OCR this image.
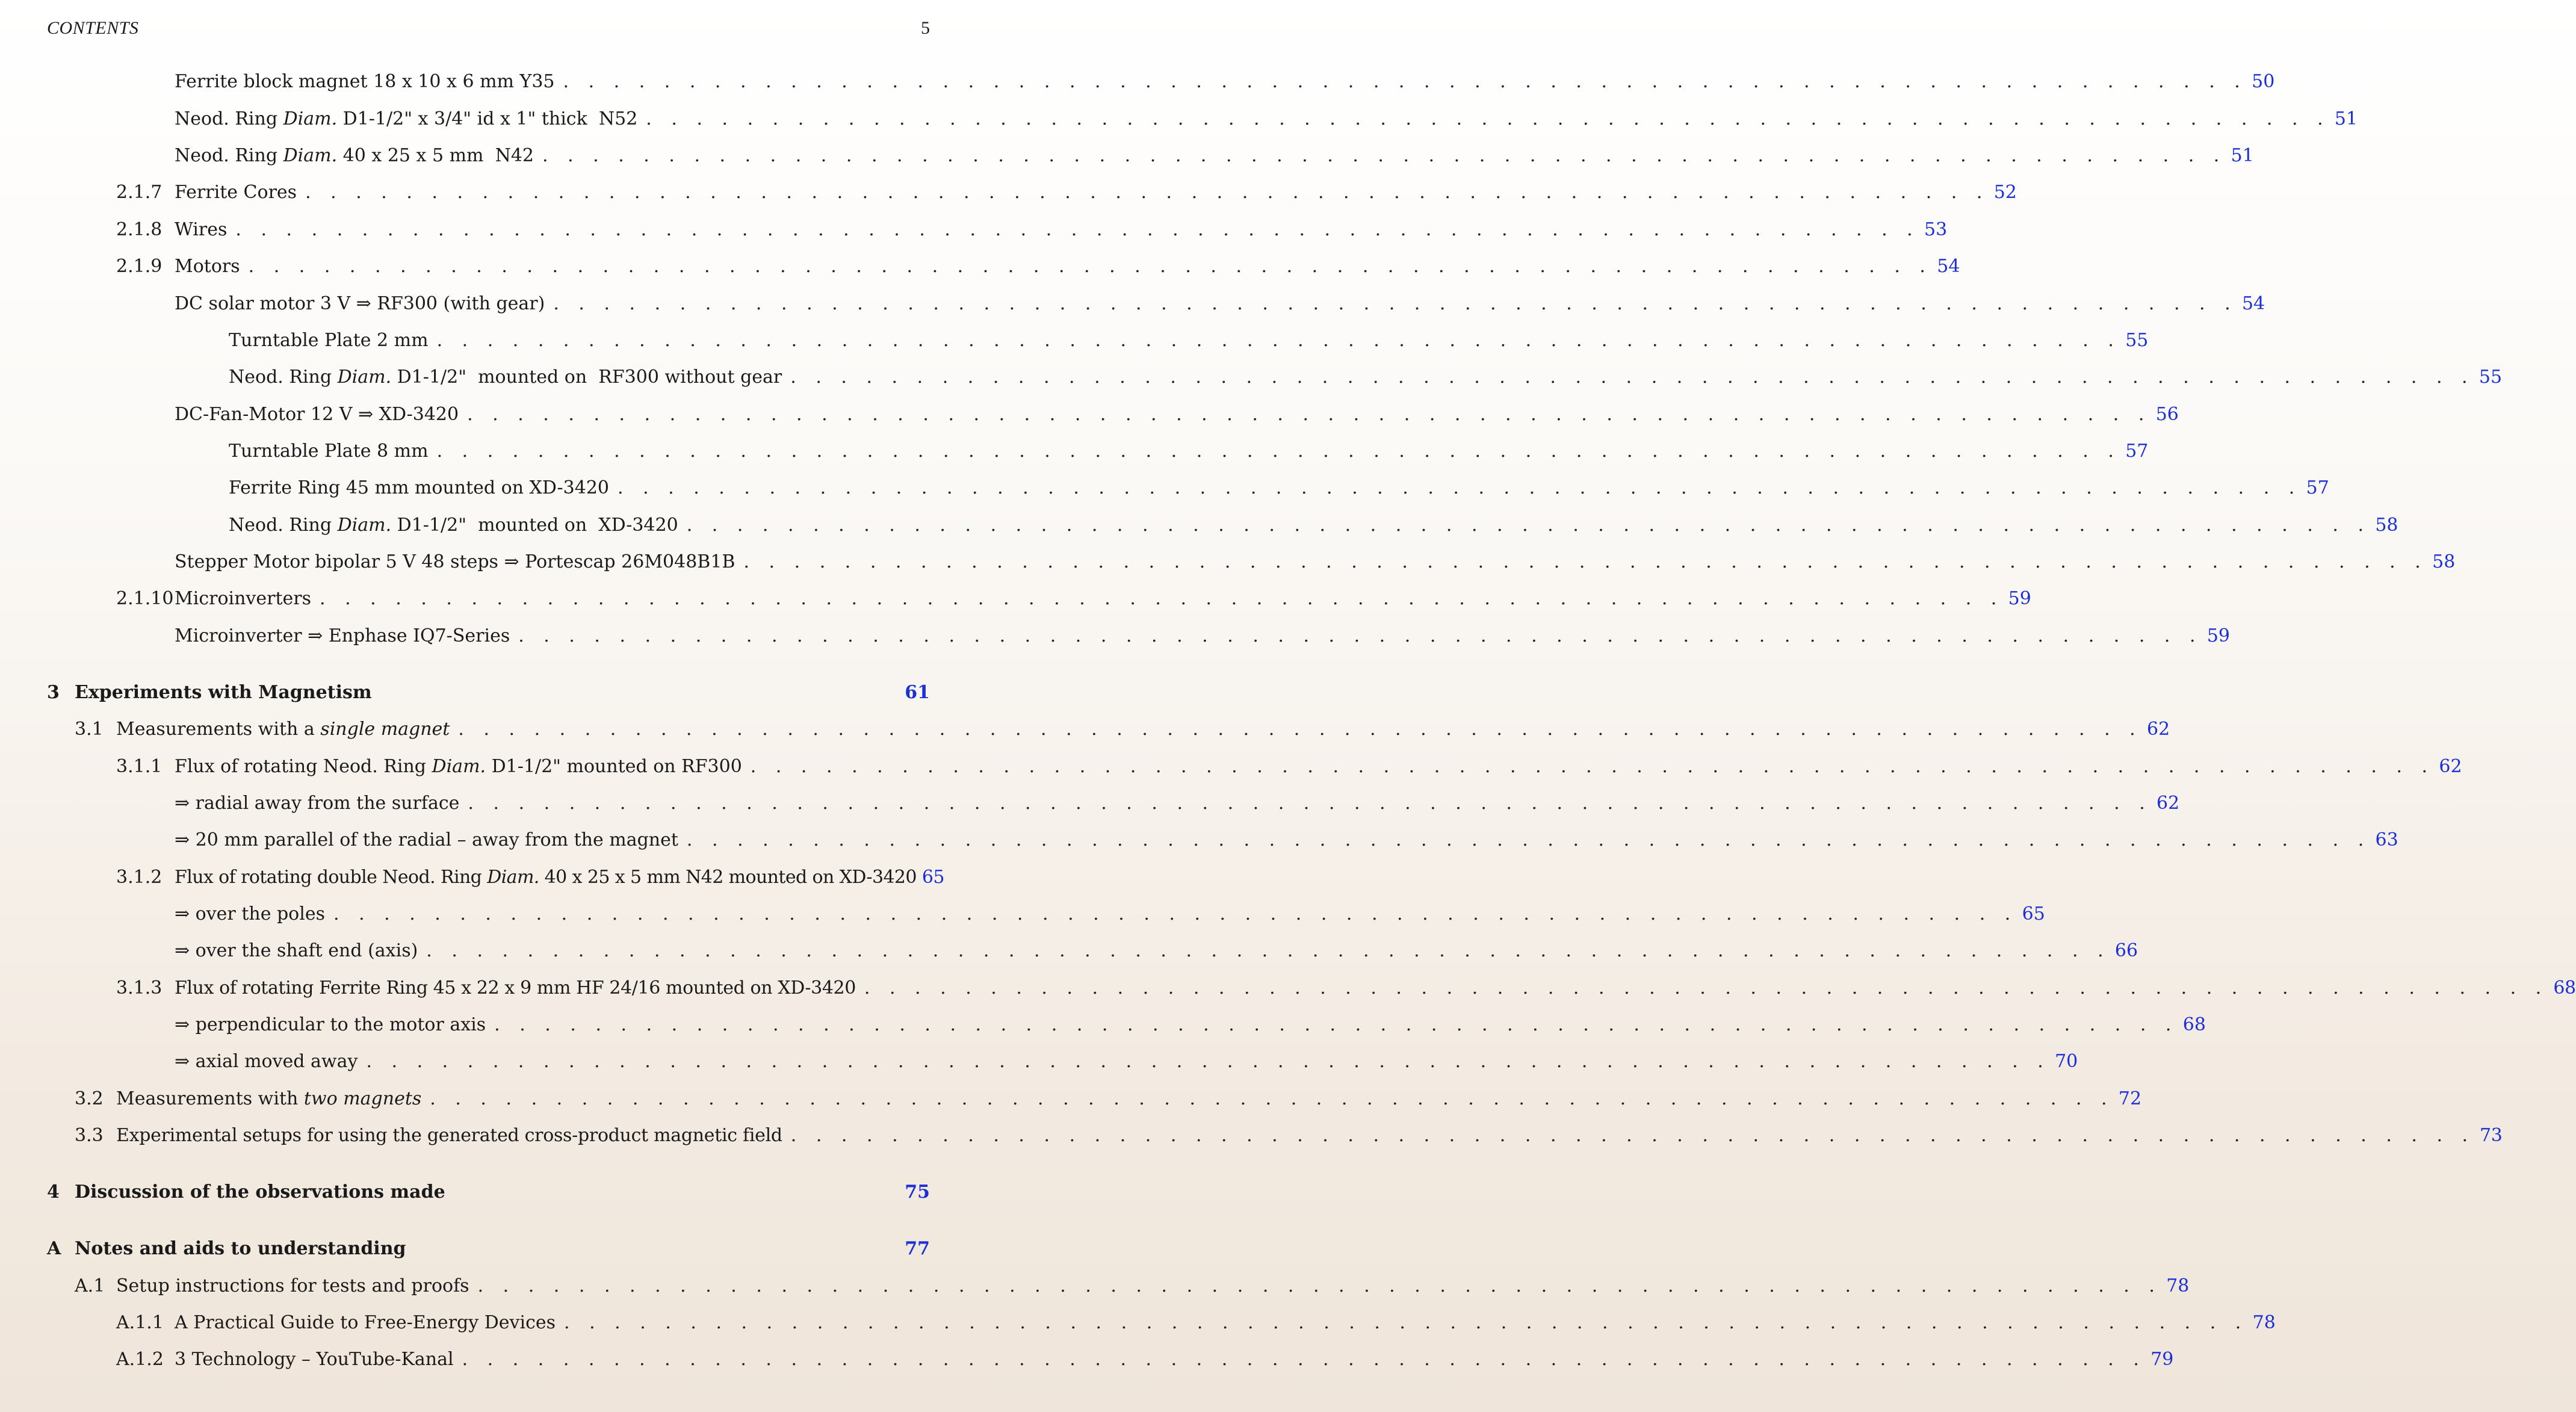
CONTENTS	5
Ferrite block magnet 18 x 10 x 6 mm Y35 . . . . . . . . . . . . . . . . . . . . . . . . . . . . . . . . . . . . . . . . . . . . . . . . . . . . . . . . . . . . . . . . . . . 50
Neod. Ring Diam. D1-1/2" x 3/4" id x 1" thick  N52 . . . . . . . . . . . . . . . . . . . . . . . . . . . . . . . . . . . . . . . . . . . . . . . . . . . . . . . . . . . . . . . . . . . 51
Neod. Ring Diam. 40 x 25 x 5 mm  N42 . . . . . . . . . . . . . . . . . . . . . . . . . . . . . . . . . . . . . . . . . . . . . . . . . . . . . . . . . . . . . . . . . . . 51
2.1.7 Ferrite Cores . . . . . . . . . . . . . . . . . . . . . . . . . . . . . . . . . . . . . . . . . . . . . . . . . . . . . . . . . . . . . . . . . . . 52
2.1.8 Wires . . . . . . . . . . . . . . . . . . . . . . . . . . . . . . . . . . . . . . . . . . . . . . . . . . . . . . . . . . . . . . . . . . . 53
2.1.9 Motors . . . . . . . . . . . . . . . . . . . . . . . . . . . . . . . . . . . . . . . . . . . . . . . . . . . . . . . . . . . . . . . . . . . 54
DC solar motor 3 V ⇒ RF300 (with gear) . . . . . . . . . . . . . . . . . . . . . . . . . . . . . . . . . . . . . . . . . . . . . . . . . . . . . . . . . . . . . . . . . . . 54
Turntable Plate 2 mm . . . . . . . . . . . . . . . . . . . . . . . . . . . . . . . . . . . . . . . . . . . . . . . . . . . . . . . . . . . . . . . . . . . 55
Neod. Ring Diam. D1-1/2"  mounted on  RF300 without gear . . . . . . . . . . . . . . . . . . . . . . . . . . . . . . . . . . . . . . . . . . . . . . . . . . . . . . . . . . . . . . . . . . . 55
DC-Fan-Motor 12 V ⇒ XD-3420 . . . . . . . . . . . . . . . . . . . . . . . . . . . . . . . . . . . . . . . . . . . . . . . . . . . . . . . . . . . . . . . . . . . 56
Turntable Plate 8 mm . . . . . . . . . . . . . . . . . . . . . . . . . . . . . . . . . . . . . . . . . . . . . . . . . . . . . . . . . . . . . . . . . . . 57
Ferrite Ring 45 mm mounted on XD-3420 . . . . . . . . . . . . . . . . . . . . . . . . . . . . . . . . . . . . . . . . . . . . . . . . . . . . . . . . . . . . . . . . . . . 57
Neod. Ring Diam. D1-1/2"  mounted on  XD-3420 . . . . . . . . . . . . . . . . . . . . . . . . . . . . . . . . . . . . . . . . . . . . . . . . . . . . . . . . . . . . . . . . . . . 58
Stepper Motor bipolar 5 V 48 steps ⇒ Portescap 26M048B1B . . . . . . . . . . . . . . . . . . . . . . . . . . . . . . . . . . . . . . . . . . . . . . . . . . . . . . . . . . . . . . . . . . . 58
2.1.10 Microinverters . . . . . . . . . . . . . . . . . . . . . . . . . . . . . . . . . . . . . . . . . . . . . . . . . . . . . . . . . . . . . . . . . . . 59
Microinverter ⇒ Enphase IQ7-Series . . . . . . . . . . . . . . . . . . . . . . . . . . . . . . . . . . . . . . . . . . . . . . . . . . . . . . . . . . . . . . . . . . . 59
3 Experiments with Magnetism	61
3.1 Measurements with a single magnet . . . . . . . . . . . . . . . . . . . . . . . . . . . . . . . . . . . . . . . . . . . . . . . . . . . . . . . . . . . . . . . . . . . 62
3.1.1 Flux of rotating Neod. Ring Diam. D1-1/2" mounted on RF300 . . . . . . . . . . . . . . . . . . . . . . . . . . . . . . . . . . . . . . . . . . . . . . . . . . . . . . . . . . . . . . . . . . . 62
⇒ radial away from the surface . . . . . . . . . . . . . . . . . . . . . . . . . . . . . . . . . . . . . . . . . . . . . . . . . . . . . . . . . . . . . . . . . . . 62
⇒ 20 mm parallel of the radial – away from the magnet . . . . . . . . . . . . . . . . . . . . . . . . . . . . . . . . . . . . . . . . . . . . . . . . . . . . . . . . . . . . . . . . . . . 63
3.1.2 Flux of rotating double Neod. Ring Diam. 40 x 25 x 5 mm N42 mounted on XD-3420 65
⇒ over the poles . . . . . . . . . . . . . . . . . . . . . . . . . . . . . . . . . . . . . . . . . . . . . . . . . . . . . . . . . . . . . . . . . . . 65
⇒ over the shaft end (axis) . . . . . . . . . . . . . . . . . . . . . . . . . . . . . . . . . . . . . . . . . . . . . . . . . . . . . . . . . . . . . . . . . . . 66
3.1.3 Flux of rotating Ferrite Ring 45 x 22 x 9 mm HF 24/16 mounted on XD-3420 . . . . . . . . . . . . . . . . . . . . . . . . . . . . . . . . . . . . . . . . . . . . . . . . . . . . . . . . . . . . . . . . . . . 68
⇒ perpendicular to the motor axis . . . . . . . . . . . . . . . . . . . . . . . . . . . . . . . . . . . . . . . . . . . . . . . . . . . . . . . . . . . . . . . . . . . 68
⇒ axial moved away . . . . . . . . . . . . . . . . . . . . . . . . . . . . . . . . . . . . . . . . . . . . . . . . . . . . . . . . . . . . . . . . . . . 70
3.2 Measurements with two magnets . . . . . . . . . . . . . . . . . . . . . . . . . . . . . . . . . . . . . . . . . . . . . . . . . . . . . . . . . . . . . . . . . . . 72
3.3 Experimental setups for using the generated cross-product magnetic field . . . . . . . . . . . . . . . . . . . . . . . . . . . . . . . . . . . . . . . . . . . . . . . . . . . . . . . . . . . . . . . . . . . 73
4 Discussion of the observations made	75
A Notes and aids to understanding	77
A.1 Setup instructions for tests and proofs . . . . . . . . . . . . . . . . . . . . . . . . . . . . . . . . . . . . . . . . . . . . . . . . . . . . . . . . . . . . . . . . . . . 78
A.1.1 A Practical Guide to Free-Energy Devices . . . . . . . . . . . . . . . . . . . . . . . . . . . . . . . . . . . . . . . . . . . . . . . . . . . . . . . . . . . . . . . . . . . 78
A.1.2 3 Technology – YouTube-Kanal . . . . . . . . . . . . . . . . . . . . . . . . . . . . . . . . . . . . . . . . . . . . . . . . . . . . . . . . . . . . . . . . . . . 79
